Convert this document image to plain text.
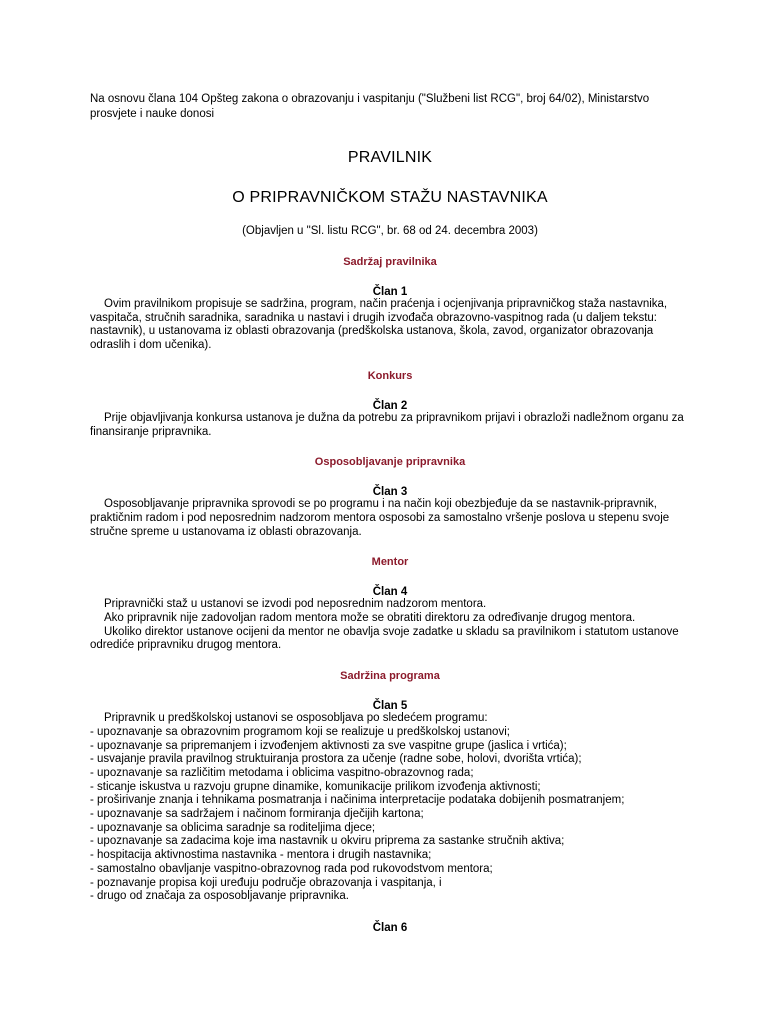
Na osnovu člana 104 Opšteg zakona o obrazovanju i vaspitanju ("Službeni list RCG", broj 64/02), Ministarstvo prosvjete i nauke donosi

PRAVILNIK
O PRIPRAVNIČKOM STAŽU NASTAVNIKA
(Objavljen u "Sl. listu RCG", br. 68 od 24. decembra 2003)
Sadržaj pravilnika
Član 1

Ovim pravilnikom propisuje se sadržina, program, način praćenja i ocjenjivanja pripravničkog staža nastavnika, vaspitača, stručnih saradnika, saradnika u nastavi i drugih izvođača obrazovno-vaspitnog rada (u daljem tekstu: nastavnik), u ustanovama iz oblasti obrazovanja (predškolska ustanova, škola, zavod, organizator obrazovanja odraslih i dom učenika).

Konkurs
Član 2

Prije objavljivanja konkursa ustanova je dužna da potrebu za pripravnikom prijavi i obrazloži nadležnom organu za finansiranje pripravnika.

Osposobljavanje pripravnika
Član 3

Osposobljavanje pripravnika sprovodi se po programu i na način koji obezbjeđuje da se nastavnik-pripravnik, praktičnim radom i pod neposrednim nadzorom mentora osposobi za samostalno vršenje poslova u stepenu svoje stručne spreme u ustanovama iz oblasti obrazovanja.

Mentor
Član 4

Pripravnički staž u ustanovi se izvodi pod neposrednim nadzorom mentora.

Ako pripravnik nije zadovoljan radom mentora može se obratiti direktoru za određivanje drugog mentora.

Ukoliko direktor ustanove ocijeni da mentor ne obavlja svoje zadatke u skladu sa pravilnikom i statutom ustanove odrediće pripravniku drugog mentora.

Sadržina programa
Član 5

Pripravnik u predškolskoj ustanovi se osposobljava po sledećem programu:

- upoznavanje sa obrazovnim programom koji se realizuje u predškolskoj ustanovi;

- upoznavanje sa pripremanjem i izvođenjem aktivnosti za sve vaspitne grupe (jaslica i vrtića);

- usvajanje pravila pravilnog struktuiranja prostora za učenje (radne sobe, holovi, dvorišta vrtića);

- upoznavanje sa različitim metodama i oblicima vaspitno-obrazovnog rada;

- sticanje iskustva u razvoju grupne dinamike, komunikacije prilikom izvođenja aktivnosti;

- proširivanje znanja i tehnikama posmatranja i načinima interpretacije podataka dobijenih posmatranjem;

- upoznavanje sa sadržajem i načinom formiranja dječijih kartona;

- upoznavanje sa oblicima saradnje sa roditeljima djece;

- upoznavanje sa zadacima koje ima nastavnik u okviru priprema za sastanke stručnih aktiva;

- hospitacija aktivnostima nastavnika - mentora i drugih nastavnika;

- samostalno obavljanje vaspitno-obrazovnog rada pod rukovodstvom mentora;

- poznavanje propisa koji uređuju područje obrazovanja i vaspitanja, i

- drugo od značaja za osposobljavanje pripravnika.

Član 6
